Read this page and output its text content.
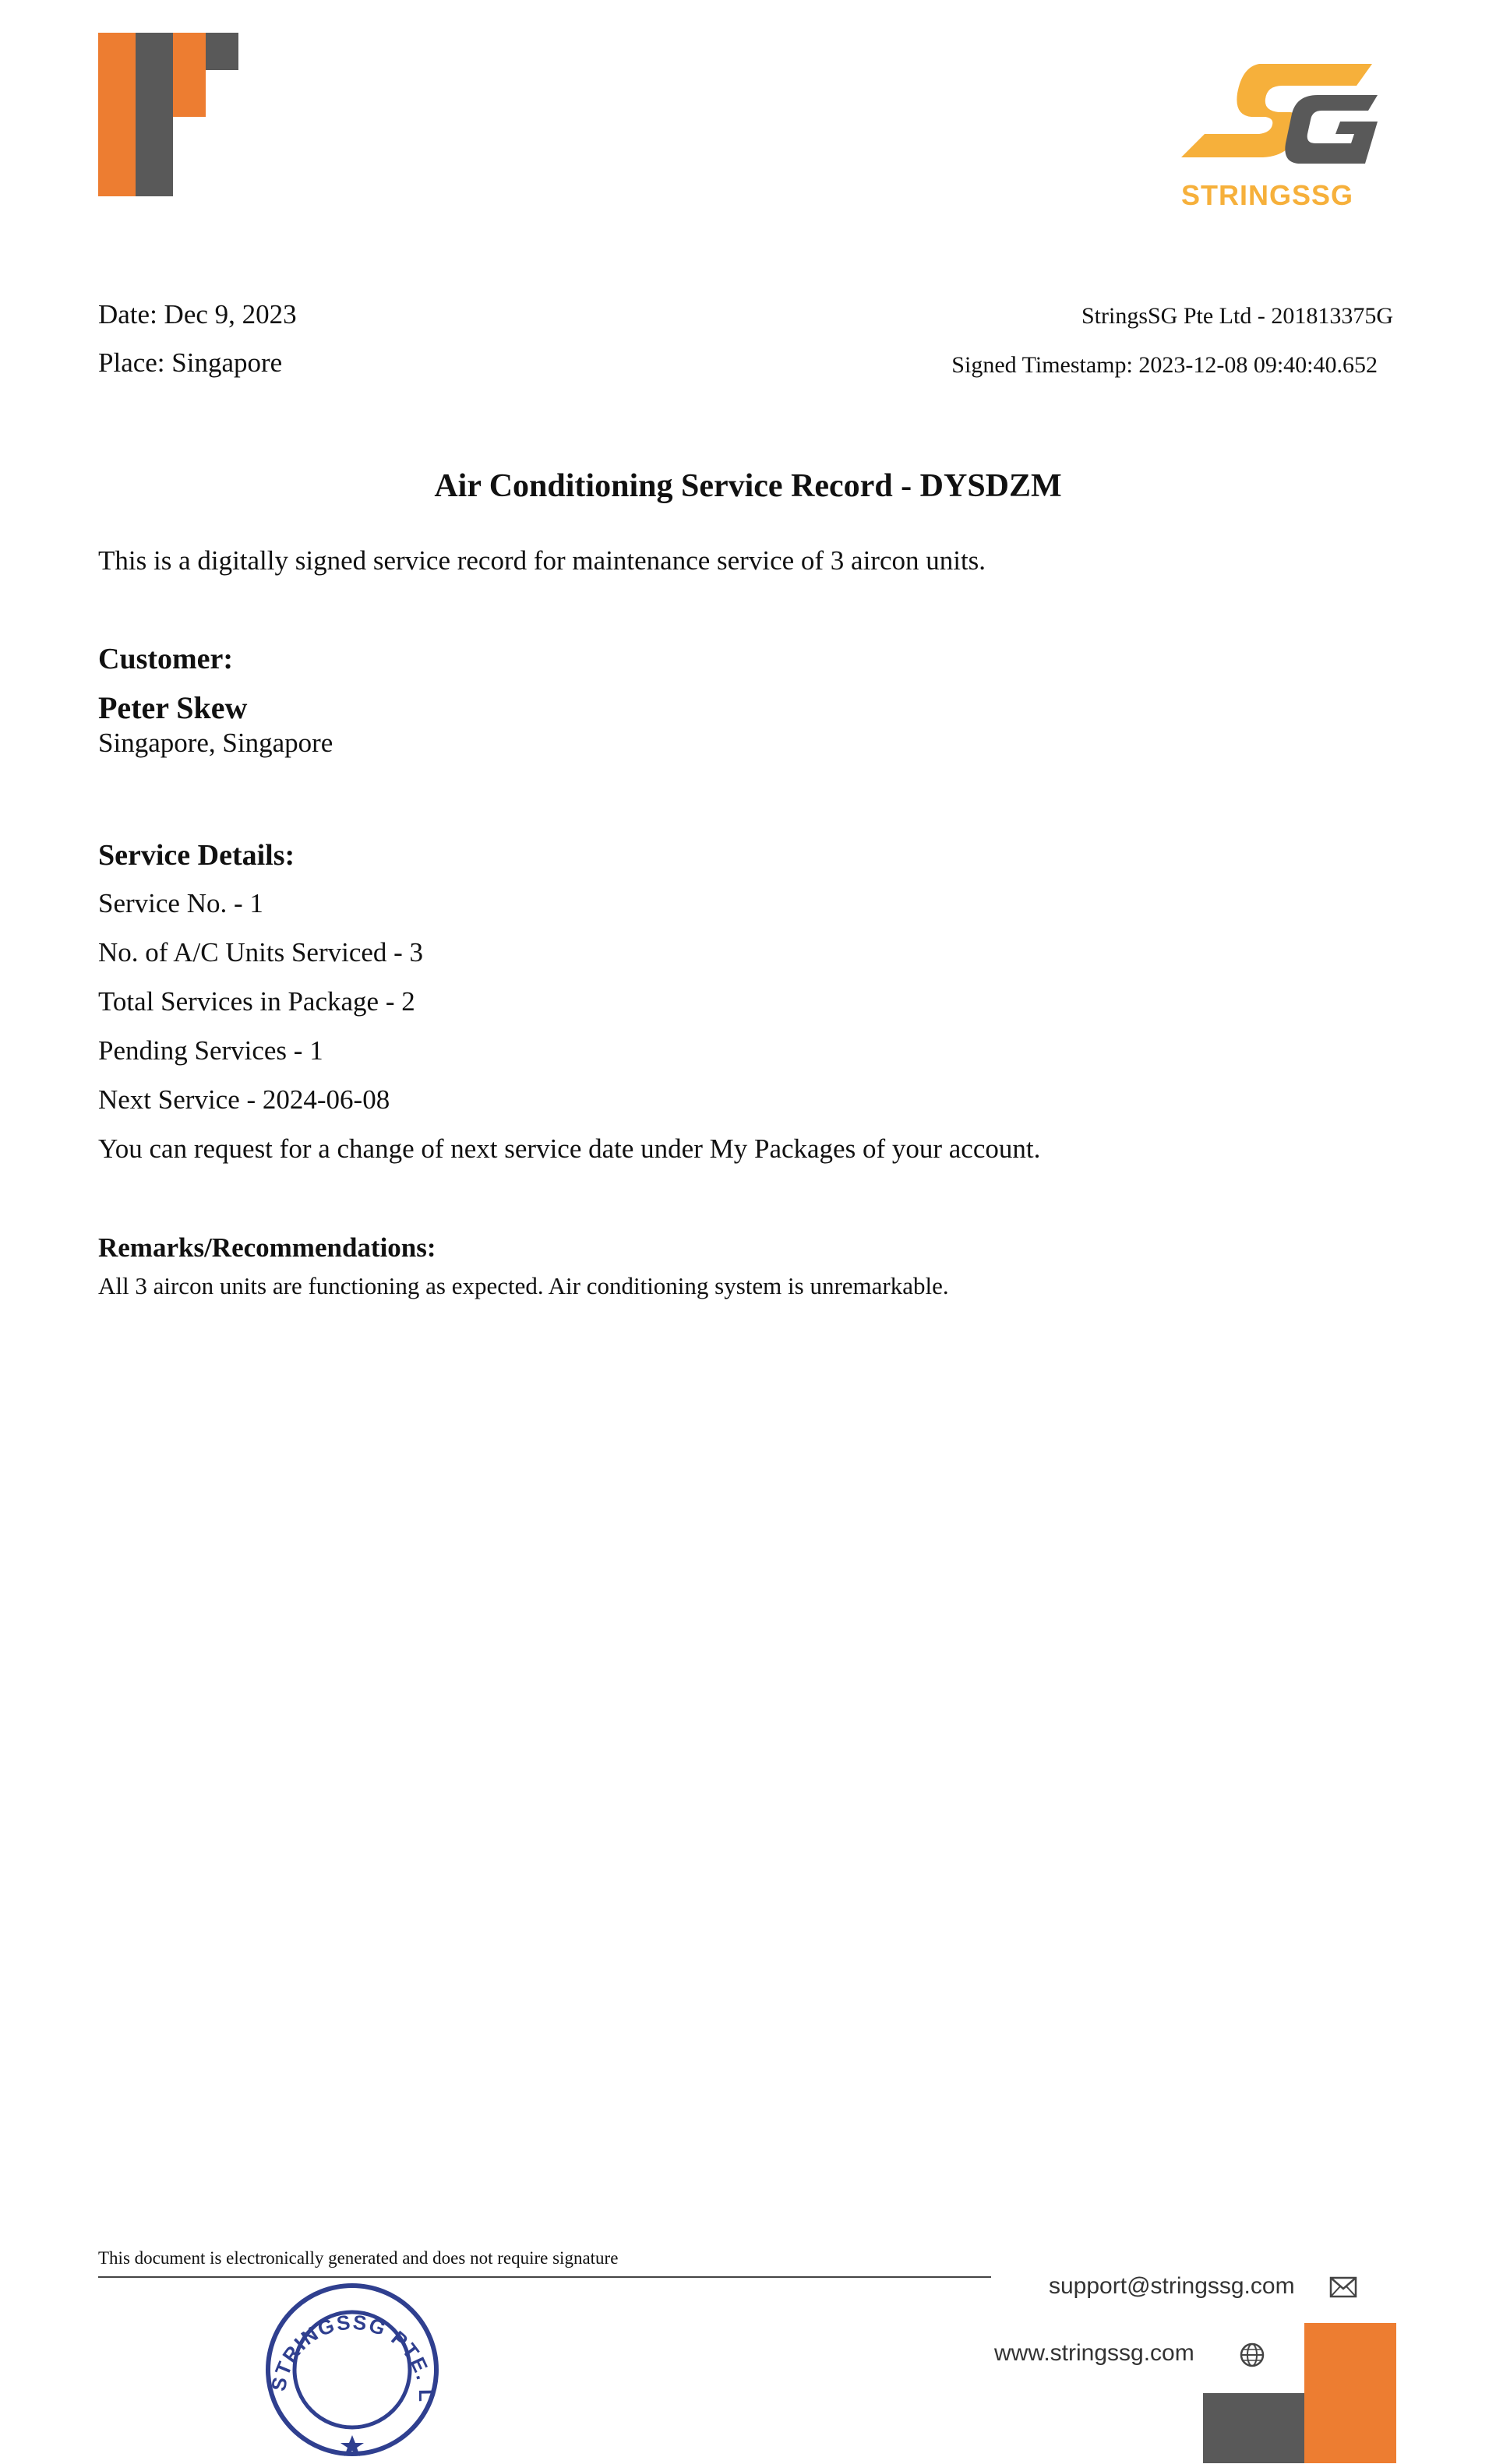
STRINGSSG
Date: Dec 9, 2023
Place: Singapore
StringsSG Pte Ltd - 201813375G
Signed Timestamp: 2023-12-08 09:40:40.652
Air Conditioning Service Record - DYSDZM
This is a digitally signed service record for maintenance service of 3 aircon units.
Customer:
Peter Skew
Singapore, Singapore
Service Details:
Service No. - 1
No. of A/C Units Serviced - 3
Total Services in Package - 2
Pending Services - 1
Next Service - 2024-06-08
You can request for a change of next service date under My Packages of your account.
Remarks/Recommendations:
All 3 aircon units are functioning as expected. Air conditioning system is unremarkable.
This document is electronically generated and does not require signature
STRINGSSG PTE. L
support@stringssg.com
www.stringssg.com
